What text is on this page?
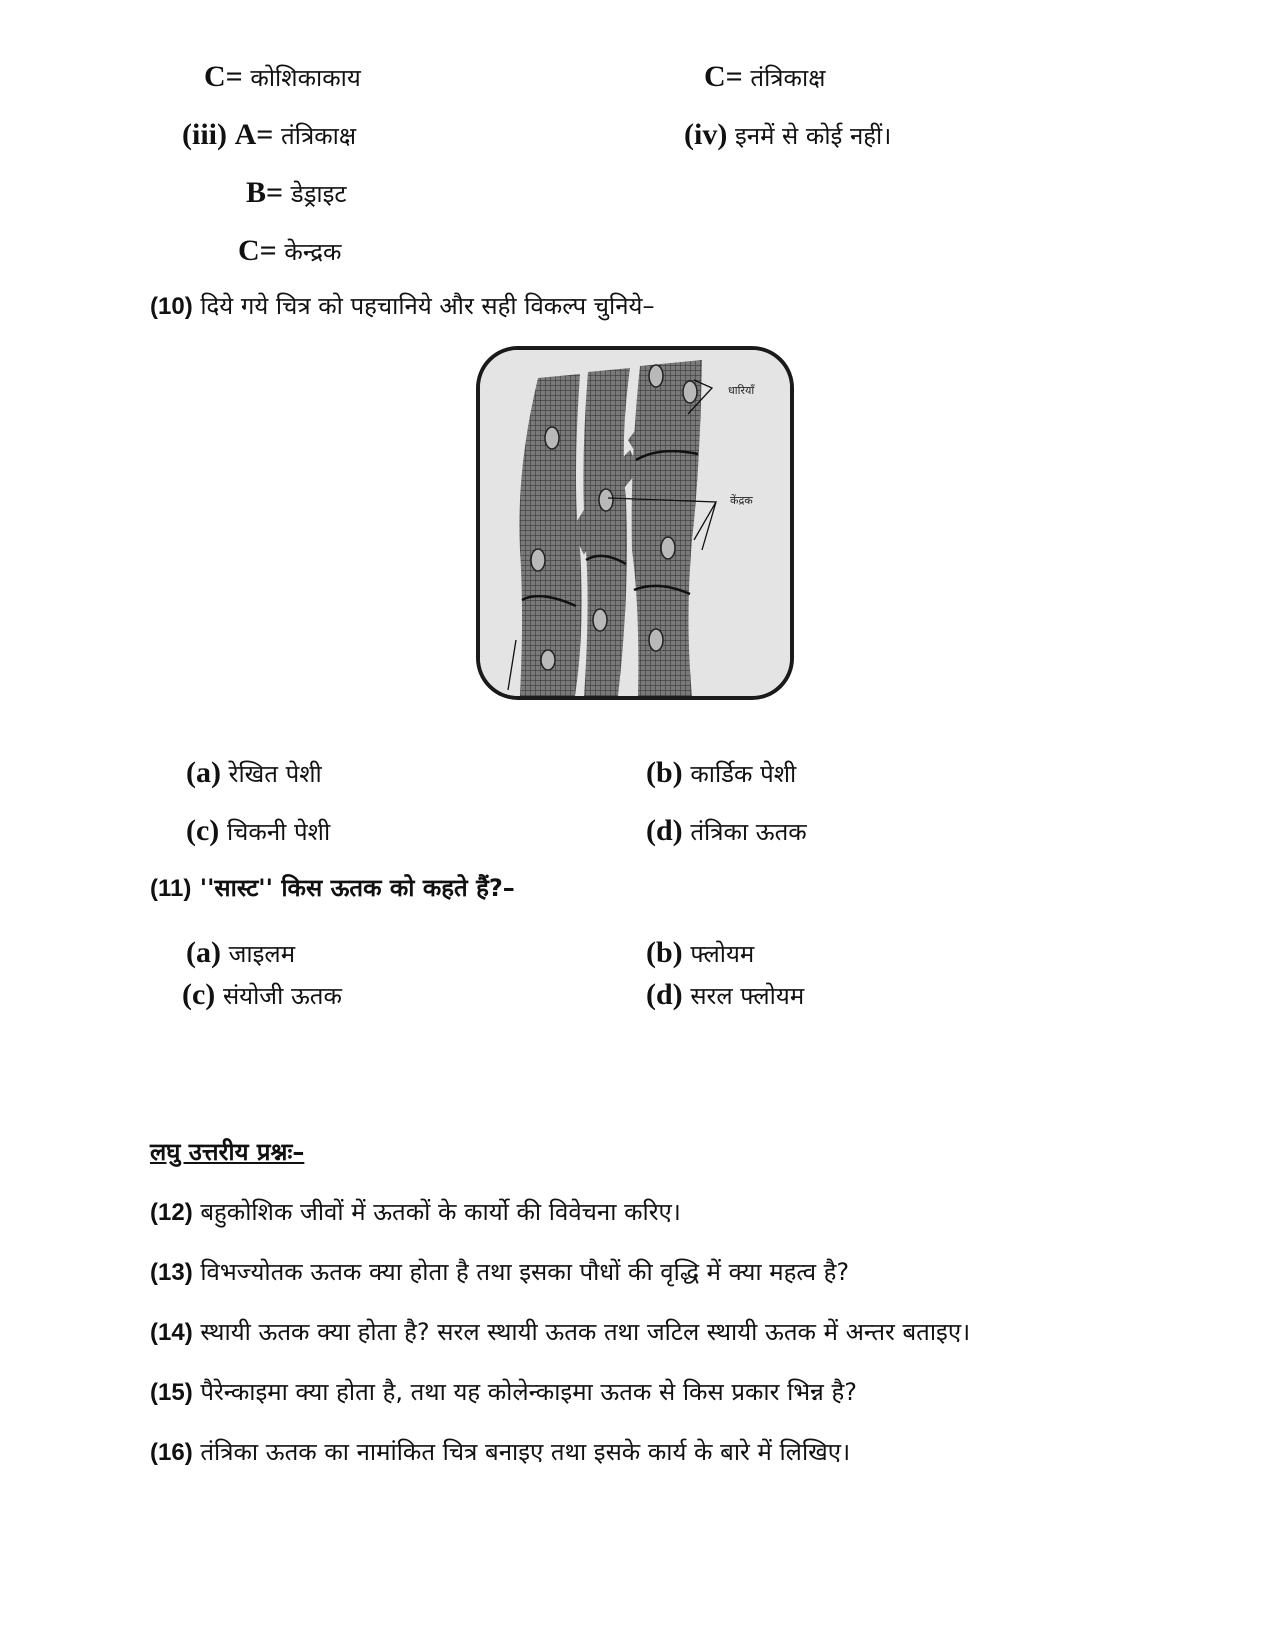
C= कोशिकाकाय	C= तंत्रिकाक्ष
(iii) A= तंत्रिकाक्ष	(iv) इनमें से कोई नहीं।
B= डेड्राइट
C= केन्द्रक
(10) दिये गये चित्र को पहचानिये और सही विकल्प चुनिये–
धारियाँ
केंद्रक
(a) रेखित पेशी	(b) कार्डिक पेशी
(c) चिकनी पेशी	(d) तंत्रिका ऊतक
(11) ''सास्ट'' किस ऊतक को कहते हैं?–
(a) जाइलम	(b) फ्लोयम
(c) संयोजी ऊतक	(d) सरल फ्लोयम
लघु उत्तरीय प्रश्नः–
(12) बहुकोशिक जीवों में ऊतकों के कार्यो की विवेचना करिए।
(13) विभज्योतक ऊतक क्या होता है तथा इसका पौधों की वृद्धि में क्या महत्व है?
(14) स्थायी ऊतक क्या होता है? सरल स्थायी ऊतक तथा जटिल स्थायी ऊतक में अन्तर बताइए।
(15) पैरेन्काइमा क्या होता है, तथा यह कोलेन्काइमा ऊतक से किस प्रकार भिन्न है?
(16) तंत्रिका ऊतक का नामांकित चित्र बनाइए तथा इसके कार्य के बारे में लिखिए।
